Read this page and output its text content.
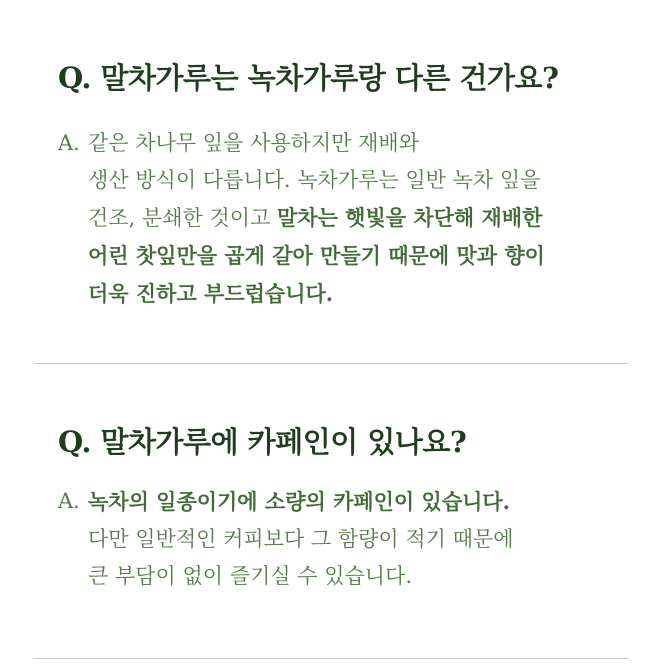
Q. 말차가루는 녹차가루랑 다른 건가요?
A. 같은 차나무 잎을 사용하지만 재배와
생산 방식이 다릅니다. 녹차가루는 일반 녹차 잎을
건조, 분쇄한 것이고 말차는 햇빛을 차단해 재배한
어린 찻잎만을 곱게 갈아 만들기 때문에 맛과 향이
더욱 진하고 부드럽습니다.
Q. 말차가루에 카페인이 있나요?
A. 녹차의 일종이기에 소량의 카페인이 있습니다.
다만 일반적인 커피보다 그 함량이 적기 때문에
큰 부담이 없이 즐기실 수 있습니다.
